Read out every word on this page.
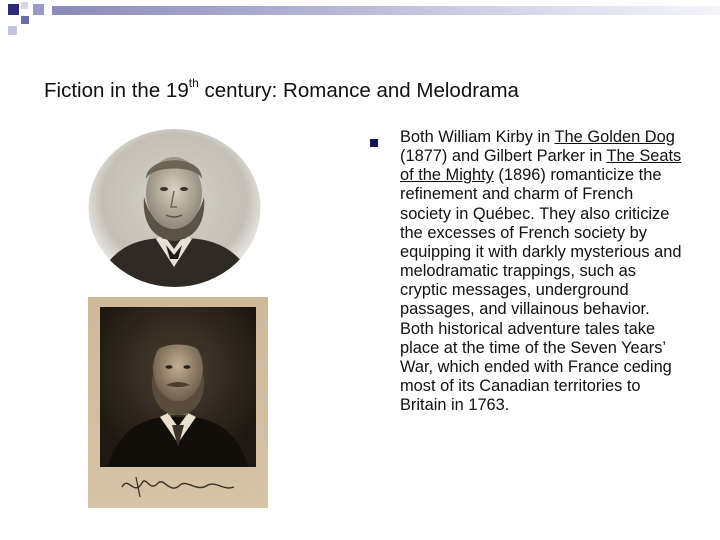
Fiction in the 19th century: Romance and Melodrama
Both William Kirby in The Golden Dog (1877) and Gilbert Parker in The Seats of the Mighty (1896) romanticize the refinement and charm of French society in Québec. They also criticize the excesses of French society by equipping it with darkly mysterious and melodramatic trappings, such as cryptic messages, underground passages, and villainous behavior. Both historical adventure tales take place at the time of the Seven Years’ War, which ended with France ceding most of its Canadian territories to Britain in 1763.
